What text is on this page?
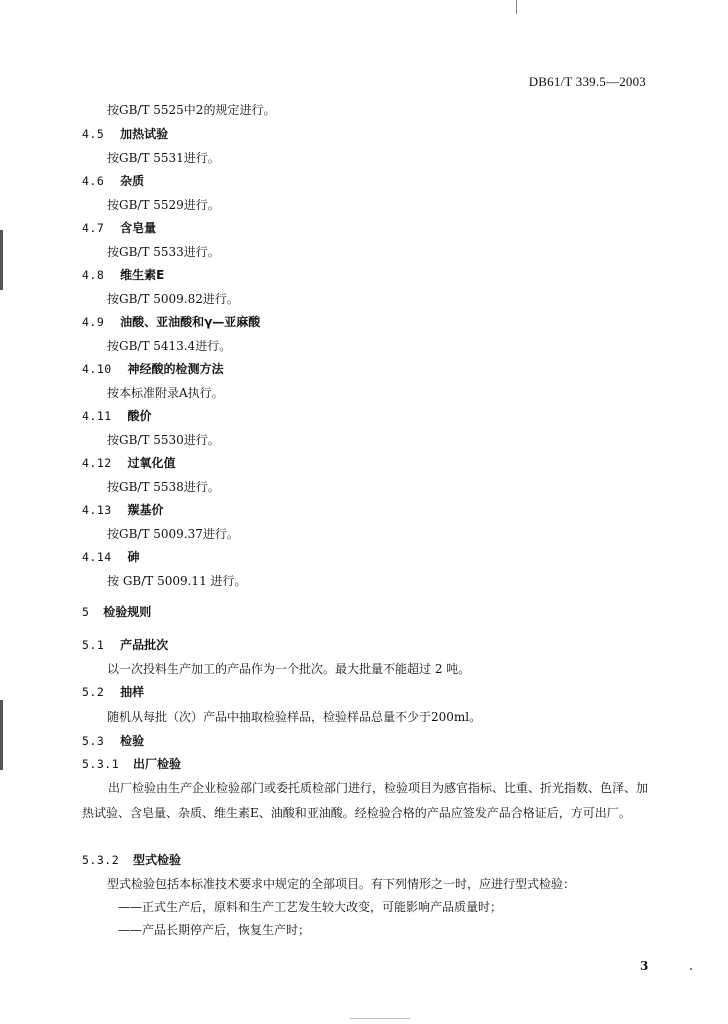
DB61/T 339.5—2003
按GB/T 5525中2的规定进行。
4.5 加热试验
按GB/T 5531进行。
4.6 杂质
按GB/T 5529进行。
4.7 含皂量
按GB/T 5533进行。
4.8 维生素E
按GB/T 5009.82进行。
4.9 油酸、亚油酸和γ—亚麻酸
按GB/T 5413.4进行。
4.10 神经酸的检测方法
按本标准附录A执行。
4.11 酸价
按GB/T 5530进行。
4.12 过氧化值
按GB/T 5538进行。
4.13 羰基价
按GB/T 5009.37进行。
4.14 砷
按 GB/T 5009.11 进行。
5 检验规则
5.1 产品批次
以一次投料生产加工的产品作为一个批次。最大批量不能超过 2 吨。
5.2 抽样
随机从每批（次）产品中抽取检验样品，检验样品总量不少于200ml。
5.3 检验
5.3.1 出厂检验
出厂检验由生产企业检验部门或委托质检部门进行，检验项目为感官指标、比重、折光指数、色泽、加热试验、含皂量、杂质、维生素E、油酸和亚油酸。经检验合格的产品应签发产品合格证后，方可出厂。
5.3.2 型式检验
型式检验包括本标准技术要求中规定的全部项目。有下列情形之一时，应进行型式检验：
——正式生产后，原料和生产工艺发生较大改变，可能影响产品质量时；
——产品长期停产后，恢复生产时；
3
